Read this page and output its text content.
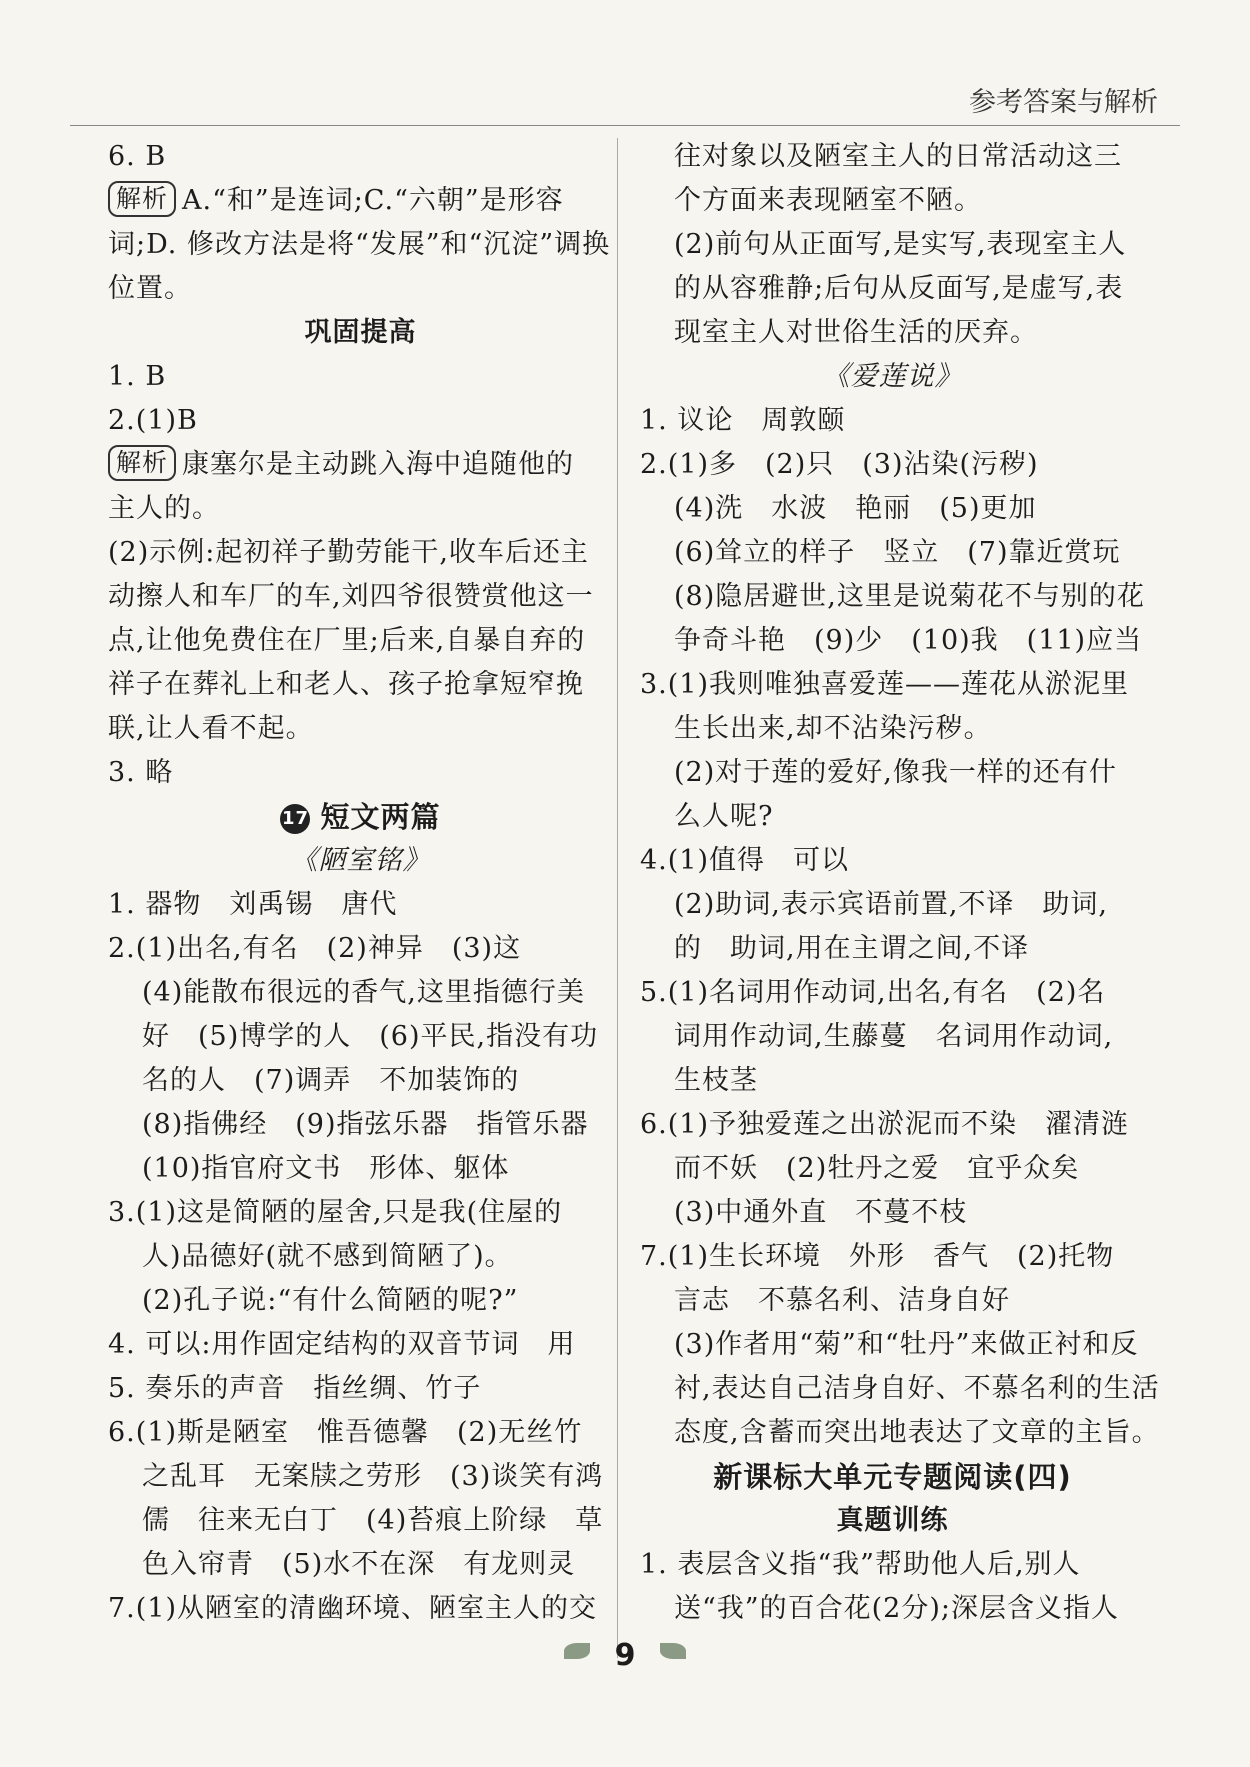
参考答案与解析
6. B
解析 A.“和”是连词;C.“六朝”是形容
词;D. 修改方法是将“发展”和“沉淀”调换
位置。
巩固提高
1. B
2.(1)B
解析 康塞尔是主动跳入海中追随他的
主人的。
(2)示例:起初祥子勤劳能干,收车后还主
动擦人和车厂的车,刘四爷很赞赏他这一
点,让他免费住在厂里;后来,自暴自弃的
祥子在葬礼上和老人、孩子抢拿短窄挽
联,让人看不起。
3. 略
17 短文两篇
《陋室铭》
1. 器物　刘禹锡　唐代
2.(1)出名,有名　(2)神异　(3)这
(4)能散布很远的香气,这里指德行美
好　(5)博学的人　(6)平民,指没有功
名的人　(7)调弄　不加装饰的
(8)指佛经　(9)指弦乐器　指管乐器
(10)指官府文书　形体、躯体
3.(1)这是简陋的屋舍,只是我(住屋的
人)品德好(就不感到简陋了)。
(2)孔子说:“有什么简陋的呢?”
4. 可以:用作固定结构的双音节词　用
5. 奏乐的声音　指丝绸、竹子
6.(1)斯是陋室　惟吾德馨　(2)无丝竹
之乱耳　无案牍之劳形　(3)谈笑有鸿
儒　往来无白丁　(4)苔痕上阶绿　草
色入帘青　(5)水不在深　有龙则灵
7.(1)从陋室的清幽环境、陋室主人的交
往对象以及陋室主人的日常活动这三
个方面来表现陋室不陋。
(2)前句从正面写,是实写,表现室主人
的从容雅静;后句从反面写,是虚写,表
现室主人对世俗生活的厌弃。
《爱莲说》
1. 议论　周敦颐
2.(1)多　(2)只　(3)沾染(污秽)
(4)洗　水波　艳丽　(5)更加
(6)耸立的样子　竖立　(7)靠近赏玩
(8)隐居避世,这里是说菊花不与别的花
争奇斗艳　(9)少　(10)我　(11)应当
3.(1)我则唯独喜爱莲——莲花从淤泥里
生长出来,却不沾染污秽。
(2)对于莲的爱好,像我一样的还有什
么人呢?
4.(1)值得　可以
(2)助词,表示宾语前置,不译　助词,
的　助词,用在主谓之间,不译
5.(1)名词用作动词,出名,有名　(2)名
词用作动词,生藤蔓　名词用作动词,
生枝茎
6.(1)予独爱莲之出淤泥而不染　濯清涟
而不妖　(2)牡丹之爱　宜乎众矣
(3)中通外直　不蔓不枝
7.(1)生长环境　外形　香气　(2)托物
言志　不慕名利、洁身自好
(3)作者用“菊”和“牡丹”来做正衬和反
衬,表达自己洁身自好、不慕名利的生活
态度,含蓄而突出地表达了文章的主旨。
新课标大单元专题阅读(四)
真题训练
1. 表层含义指“我”帮助他人后,别人
送“我”的百合花(2分);深层含义指人
9
